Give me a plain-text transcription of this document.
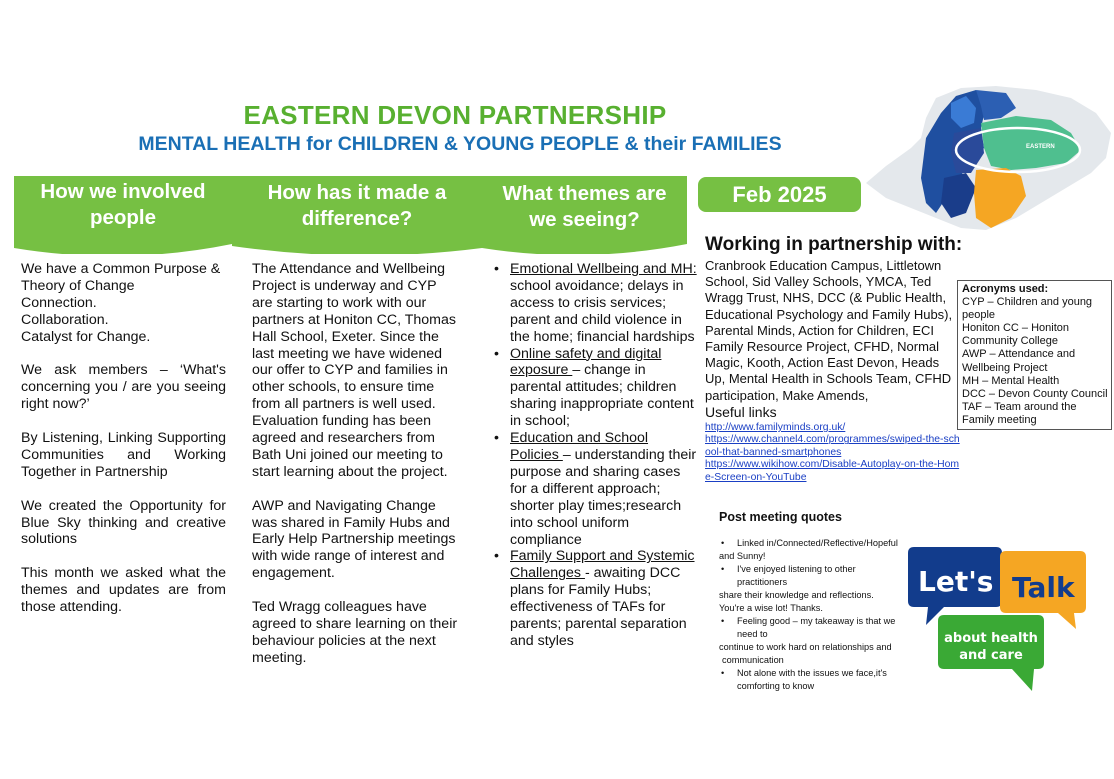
EASTERN DEVON PARTNERSHIP
MENTAL HEALTH for CHILDREN & YOUNG PEOPLE & their FAMILIES	EASTERN
How we involved
people
How has it made a
difference?
What themes are
we seeing?
Feb 2025

We have a Common Purpose &
Theory of Change
Connection.
Collaboration.
Catalyst for Change.

We ask members – ‘What's concerning you / are you seeing right now?’

By Listening, Linking Supporting Communities and Working Together in Partnership

We created the Opportunity for Blue Sky thinking and creative solutions

This month we asked what the themes and updates are from those attending.

The Attendance and Wellbeing Project is underway and CYP are starting to work with our partners at Honiton CC, Thomas Hall School, Exeter. Since the last meeting we have widened our offer to CYP and families in other schools, to ensure time from all partners is well used. Evaluation funding has been agreed and researchers from Bath Uni joined our meeting to start learning about the project.

AWP and Navigating Change was shared in Family Hubs and Early Help Partnership meetings with wide range of interest and engagement.

Ted Wragg colleagues have agreed to share learning on their behaviour policies at the next meeting.

• Emotional Wellbeing and MH: school avoidance; delays in access to crisis services; parent and child violence in the home; financial hardships
• Online safety and digital exposure – change in parental attitudes; children sharing inappropriate content in school;
• Education and School Policies – understanding their purpose and sharing cases for a different approach; shorter play times;research into school uniform compliance
• Family Support and Systemic Challenges - awaiting DCC plans for Family Hubs; effectiveness of TAFs for parents; parental separation and styles
Working in partnership with:
Cranbrook Education Campus, Littletown School, Sid Valley Schools, YMCA, Ted Wragg Trust, NHS, DCC (& Public Health, Educational Psychology and Family Hubs), Parental Minds, Action for Children, ECI Family Resource Project, CFHD, Normal Magic, Kooth, Action East Devon, Heads Up, Mental Health in Schools Team, CFHD participation, Make Amends,
Acronyms used:
CYP – Children and young people
Honiton CC – Honiton Community College
AWP – Attendance and Wellbeing Project
MH – Mental Health
DCC – Devon County Council
TAF – Team around the Family meeting
Useful links
http://www.familyminds.org.uk/
https://www.channel4.com/programmes/swiped-the-school-that-banned-smartphones
https://www.wikihow.com/Disable-Autoplay-on-the-Home-Screen-on-YouTube
Post meeting quotes
• Linked in/Connected/Reflective/Hopeful
and Sunny!
• I've enjoyed listening to other
practitioners
share their knowledge and reflections.
You're a wise lot! Thanks.
• Feeling good – my takeaway is that we
need to
continue to work hard on relationships and
communication
• Not alone with the issues we face,it's
comforting to know
Let's Talk
about health
and care
